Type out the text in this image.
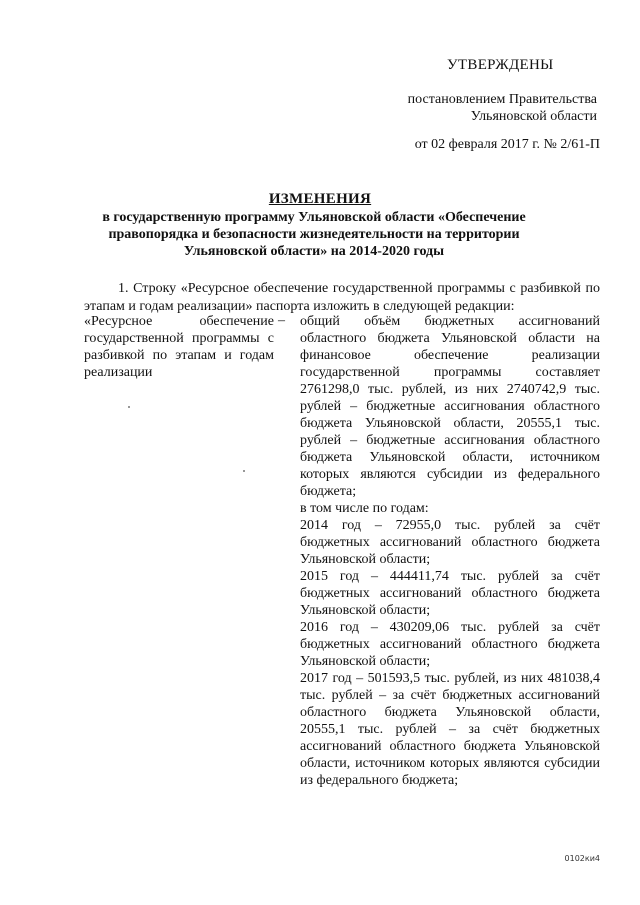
УТВЕРЖДЕНЫ
постановлением Правительства Ульяновской области
от 02 февраля 2017 г. № 2/61-П
ИЗМЕНЕНИЯ
в государственную программу Ульяновской области «Обеспечение правопорядка и безопасности жизнедеятельности на территории Ульяновской области» на 2014-2020 годы
1. Строку «Ресурсное обеспечение государственной программы с разбивкой по этапам и годам реализации» паспорта изложить в следующей редакции:
«Ресурсное обеспечение государственной программы с разбивкой по этапам и годам реализации
– общий объём бюджетных ассигнований областного бюджета Ульяновской области на финансовое обеспечение реализации государственной программы составляет 2761298,0 тыс. рублей, из них 2740742,9 тыс. рублей – бюджетные ассигнования областного бюджета Ульяновской области, 20555,1 тыс. рублей – бюджетные ассигнования областного бюджета Ульяновской области, источником которых являются субсидии из федерального бюджета;

в том числе по годам:

2014 год – 72955,0 тыс. рублей за счёт бюджетных ассигнований областного бюджета Ульяновской области;

2015 год – 444411,74 тыс. рублей за счёт бюджетных ассигнований областного бюджета Ульяновской области;

2016 год – 430209,06 тыс. рублей за счёт бюджетных ассигнований областного бюджета Ульяновской области;

2017 год – 501593,5 тыс. рублей, из них 481038,4 тыс. рублей – за счёт бюджетных ассигнований областного бюджета Ульяновской области, 20555,1 тыс. рублей – за счёт бюджетных ассигнований областного бюджета Ульяновской области, источником которых являются субсидии из федерального бюджета;

0102ки4
